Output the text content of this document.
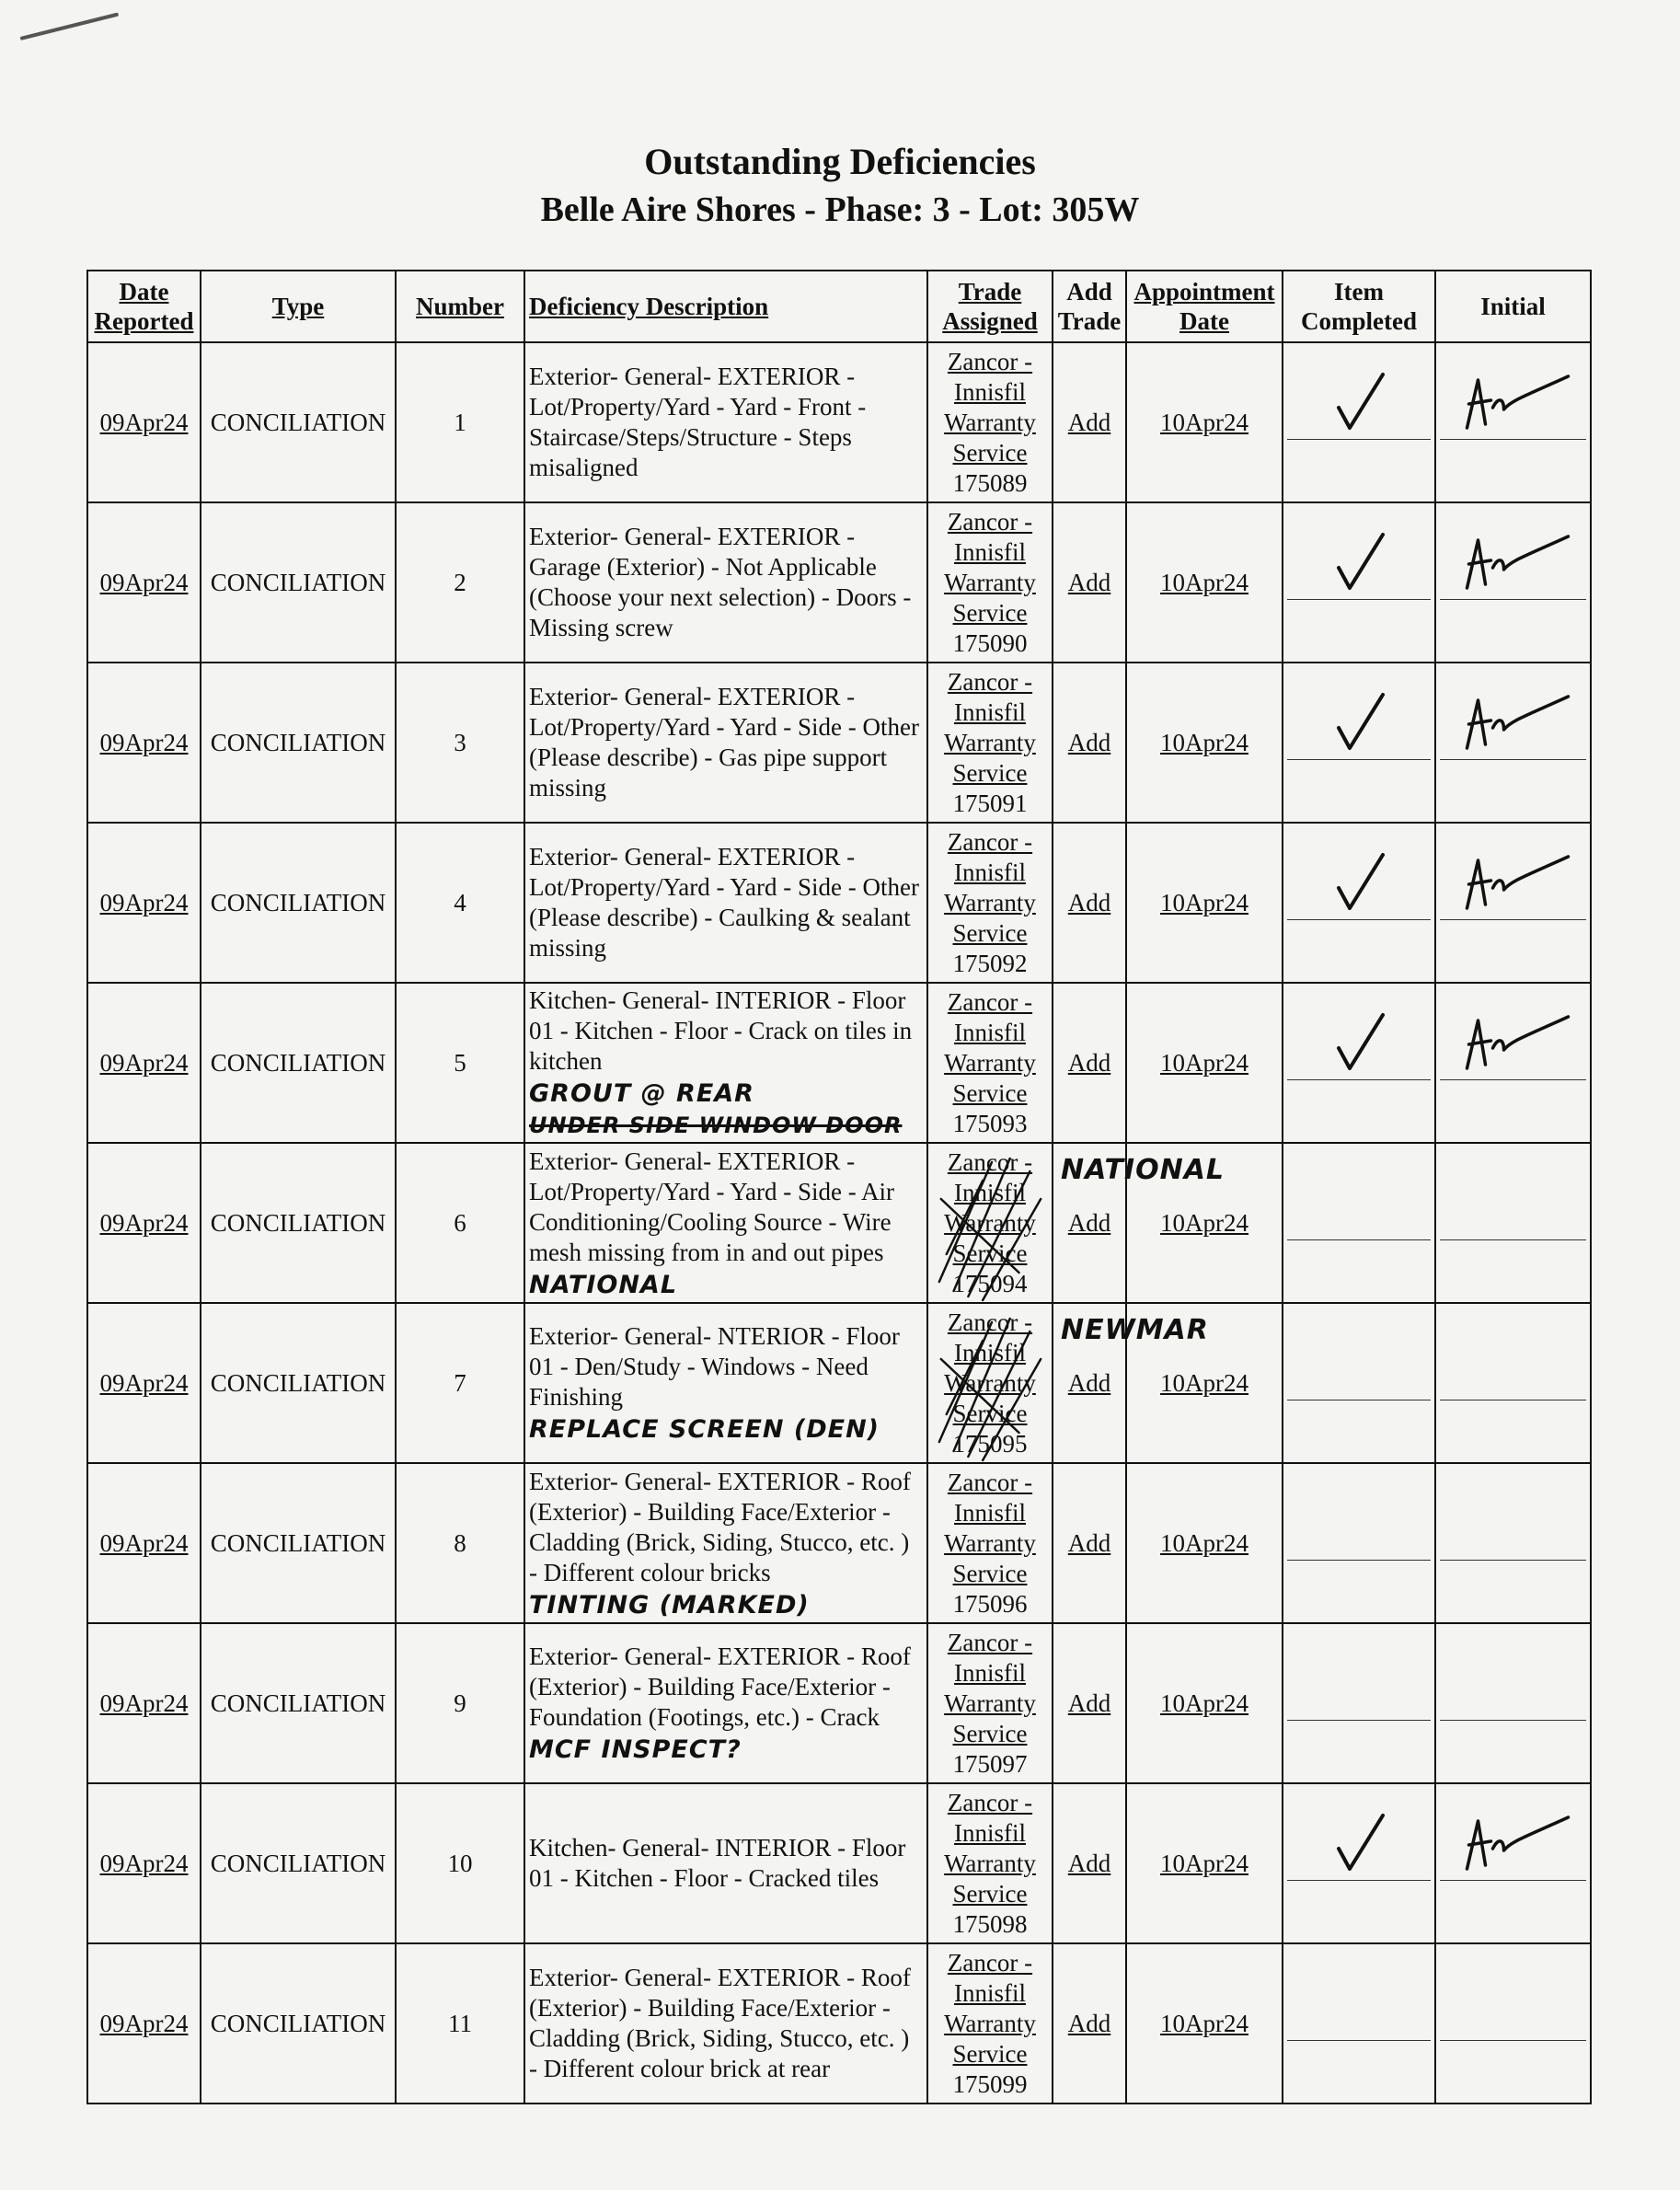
Outstanding Deficiencies
Belle Aire Shores - Phase: 3 - Lot: 305W
Date Reported	Type	Number	Deficiency Description	Trade Assigned	Add Trade	Appointment Date	Item Completed	Initial
09Apr24	CONCILIATION	1	Exterior- General- EXTERIOR - Lot/Property/Yard - Yard - Front - Staircase/Steps/Structure - Steps misaligned	Zancor -
Innisfil
Warranty
Service
175089	Add	10Apr24	

09Apr24	CONCILIATION	2	Exterior- General- EXTERIOR - Garage (Exterior) - Not Applicable (Choose your next selection) - Doors - Missing screw	Zancor -
Innisfil
Warranty
Service
175090	Add	10Apr24	

09Apr24	CONCILIATION	3	Exterior- General- EXTERIOR - Lot/Property/Yard - Yard - Side - Other (Please describe) - Gas pipe support missing	Zancor -
Innisfil
Warranty
Service
175091	Add	10Apr24	

09Apr24	CONCILIATION	4	Exterior- General- EXTERIOR - Lot/Property/Yard - Yard - Side - Other (Please describe) - Caulking & sealant missing	Zancor -
Innisfil
Warranty
Service
175092	Add	10Apr24	

09Apr24	CONCILIATION	5	Kitchen- General- INTERIOR - Floor 01 - Kitchen - Floor - Crack on tiles in kitchen
GROUT @ REAR
UNDER SIDE WINDOW DOOR	Zancor -
Innisfil
Warranty
Service
175093	Add	10Apr24	

09Apr24	CONCILIATION	6	Exterior- General- EXTERIOR - Lot/Property/Yard - Yard - Side - Air Conditioning/Cooling Source - Wire mesh missing from in and out pipes
NATIONAL	Zancor -
Innisfil
Warranty
Service
175094	NATIONAL
Add	10Apr24	

09Apr24	CONCILIATION	7	Exterior- General- NTERIOR - Floor 01 - Den/Study - Windows - Need Finishing
REPLACE SCREEN (DEN)	Zancor -
Innisfil
Warranty
Service
175095	NEWMAR
Add	10Apr24	

09Apr24	CONCILIATION	8	Exterior- General- EXTERIOR - Roof (Exterior) - Building Face/Exterior - Cladding (Brick, Siding, Stucco, etc. ) - Different colour bricks
TINTING (MARKED)	Zancor -
Innisfil
Warranty
Service
175096	Add	10Apr24	

09Apr24	CONCILIATION	9	Exterior- General- EXTERIOR - Roof (Exterior) - Building Face/Exterior - Foundation (Footings, etc.) - Crack
MCF INSPECT?	Zancor -
Innisfil
Warranty
Service
175097	Add	10Apr24	

09Apr24	CONCILIATION	10	Kitchen- General- INTERIOR - Floor 01 - Kitchen - Floor - Cracked tiles	Zancor -
Innisfil
Warranty
Service
175098	Add	10Apr24	

09Apr24	CONCILIATION	11	Exterior- General- EXTERIOR - Roof (Exterior) - Building Face/Exterior - Cladding (Brick, Siding, Stucco, etc. ) - Different colour brick at rear	Zancor -
Innisfil
Warranty
Service
175099	Add	10Apr24	
